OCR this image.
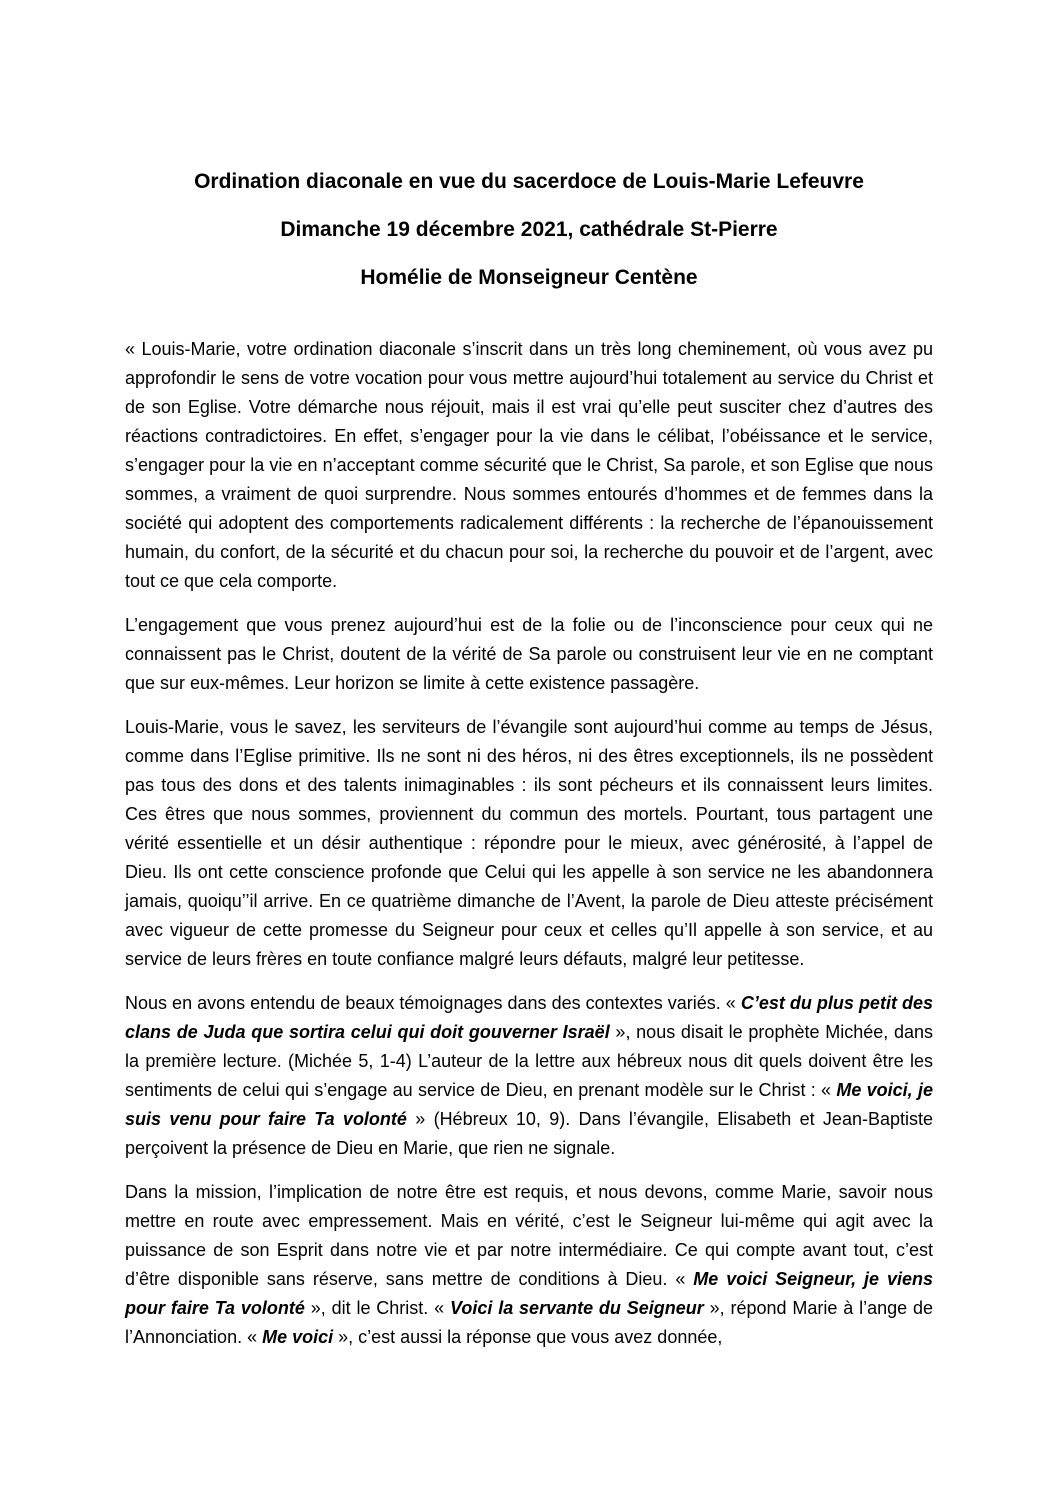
Ordination diaconale en vue du sacerdoce de Louis-Marie Lefeuvre
Dimanche 19 décembre 2021, cathédrale St-Pierre
Homélie de Monseigneur Centène

« Louis-Marie, votre ordination diaconale s’inscrit dans un très long cheminement, où vous avez pu approfondir le sens de votre vocation pour vous mettre aujourd’hui totalement au service du Christ et de son Eglise. Votre démarche nous réjouit, mais il est vrai qu’elle peut susciter chez d’autres des réactions contradictoires. En effet, s’engager pour la vie dans le célibat, l’obéissance et le service, s’engager pour la vie en n’acceptant comme sécurité que le Christ, Sa parole, et son Eglise que nous sommes, a vraiment de quoi surprendre. Nous sommes entourés d’hommes et de femmes dans la société qui adoptent des comportements radicalement différents : la recherche de l’épanouissement humain, du confort, de la sécurité et du chacun pour soi, la recherche du pouvoir et de l’argent, avec tout ce que cela comporte.

L’engagement que vous prenez aujourd’hui est de la folie ou de l’inconscience pour ceux qui ne connaissent pas le Christ, doutent de la vérité de Sa parole ou construisent leur vie en ne comptant que sur eux-mêmes. Leur horizon se limite à cette existence passagère.

Louis-Marie, vous le savez, les serviteurs de l’évangile sont aujourd’hui comme au temps de Jésus, comme dans l’Eglise primitive. Ils ne sont ni des héros, ni des êtres exceptionnels, ils ne possèdent pas tous des dons et des talents inimaginables : ils sont pécheurs et ils connaissent leurs limites. Ces êtres que nous sommes, proviennent du commun des mortels. Pourtant, tous partagent une vérité essentielle et un désir authentique : répondre pour le mieux, avec générosité, à l’appel de Dieu. Ils ont cette conscience profonde que Celui qui les appelle à son service ne les abandonnera jamais, quoiqu’’il arrive. En ce quatrième dimanche de l’Avent, la parole de Dieu atteste précisément avec vigueur de cette promesse du Seigneur pour ceux et celles qu’Il appelle à son service, et au service de leurs frères en toute confiance malgré leurs défauts, malgré leur petitesse.

Nous en avons entendu de beaux témoignages dans des contextes variés. « C’est du plus petit des clans de Juda que sortira celui qui doit gouverner Israël », nous disait le prophète Michée, dans la première lecture. (Michée 5, 1-4) L’auteur de la lettre aux hébreux nous dit quels doivent être les sentiments de celui qui s’engage au service de Dieu, en prenant modèle sur le Christ : « Me voici, je suis venu pour faire Ta volonté » (Hébreux 10, 9). Dans l’évangile, Elisabeth et Jean-Baptiste perçoivent la présence de Dieu en Marie, que rien ne signale.

Dans la mission, l’implication de notre être est requis, et nous devons, comme Marie, savoir nous mettre en route avec empressement. Mais en vérité, c’est le Seigneur lui-même qui agit avec la puissance de son Esprit dans notre vie et par notre intermédiaire. Ce qui compte avant tout, c’est d’être disponible sans réserve, sans mettre de conditions à Dieu. « Me voici Seigneur, je viens pour faire Ta volonté », dit le Christ. « Voici la servante du Seigneur », répond Marie à l’ange de l’Annonciation. « Me voici », c’est aussi la réponse que vous avez donnée,
